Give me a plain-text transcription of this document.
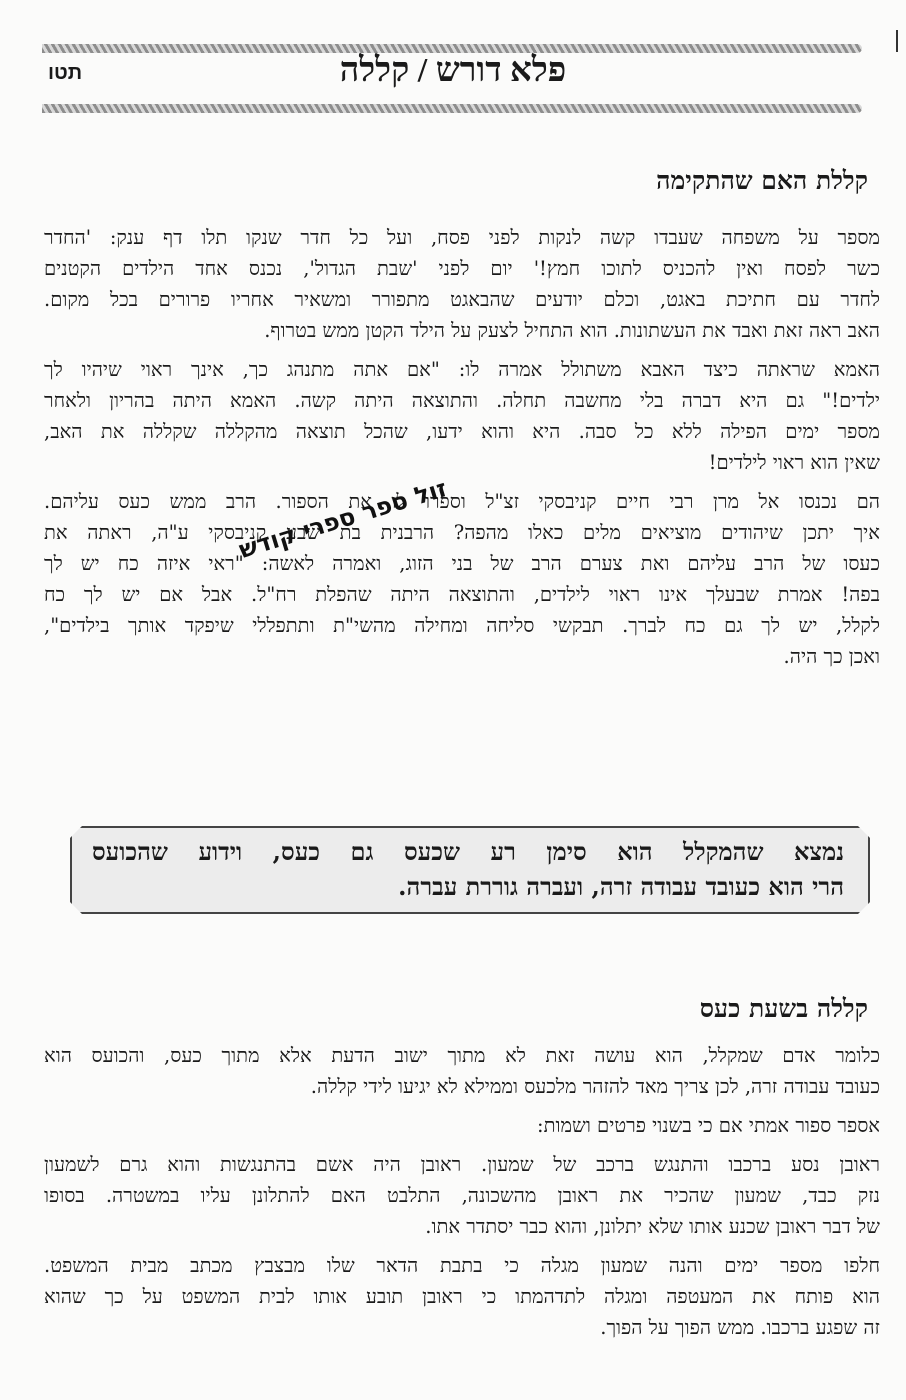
פלא דורש / קללה
תטו
קללת האם שהתקימה
מספר על משפחה שעבדו קשה לנקות לפני פסח, ועל כל חדר שנקו תלו דף ענק: 'החדר
כשר לפסח ואין להכניס לתוכו חמץ!' יום לפני 'שבת הגדול', נכנס אחד הילדים הקטנים
לחדר עם חתיכת באגט, וכלם יודעים שהבאגט מתפורר ומשאיר אחריו פרורים בכל מקום.
האב ראה זאת ואבד את העשתונות. הוא התחיל לצעק על הילד הקטן ממש בטרוף.
האמא שראתה כיצד האבא משתולל אמרה לו: "אם אתה מתנהג כך, אינך ראוי שיהיו לך
ילדים!" גם היא דברה בלי מחשבה תחלה. והתוצאה היתה קשה. האמא היתה בהריון ולאחר
מספר ימים הפילה ללא כל סבה. היא והוא ידעו, שהכל תוצאה מהקללה שקללה את האב,
שאין הוא ראוי לילדים!
הם נכנסו אל מרן רבי חיים קניבסקי זצ"ל וספרו לו את הספור. הרב ממש כעס עליהם.
איך יתכן שיהודים מוציאים מלים כאלו מהפה? הרבנית בת שבע קניבסקי ע"ה, ראתה את
כעסו של הרב עליהם ואת צערם הרב של בני הזוג, ואמרה לאשה: "ראי איזה כח יש לך
בפה! אמרת שבעלך אינו ראוי לילדים, והתוצאה היתה שהפלת רח"ל. אבל אם יש לך כח
לקלל, יש לך גם כח לברך. תבקשי סליחה ומחילה מהשי"ת ותתפללי שיפקד אותך בילדים",
ואכן כך היה.
זול ספר ספרי קודש
נמצא שהמקלל הוא סימן רע שכעס גם כעס, וידוע שהכועס
הרי הוא כעובד עבודה זרה, ועברה גוררת עברה.
קללה בשעת כעס
כלומר אדם שמקלל, הוא עושה זאת לא מתוך ישוב הדעת אלא מתוך כעס, והכועס הוא
כעובד עבודה זרה, לכן צריך מאד להזהר מלכעס וממילא לא יגיעו לידי קללה.
אספר ספור אמתי אם כי בשנוי פרטים ושמות:
ראובן נסע ברכבו והתנגש ברכב של שמעון. ראובן היה אשם בהתנגשות והוא גרם לשמעון
נזק כבד, שמעון שהכיר את ראובן מהשכונה, התלבט האם להתלונן עליו במשטרה. בסופו
של דבר ראובן שכנע אותו שלא יתלונן, והוא כבר יסתדר אתו.
חלפו מספר ימים והנה שמעון מגלה כי בתבת הדאר שלו מבצבץ מכתב מבית המשפט.
הוא פותח את המעטפה ומגלה לתדהמתו כי ראובן תובע אותו לבית המשפט על כך שהוא
זה שפגע ברכבו. ממש הפוך על הפוך.
